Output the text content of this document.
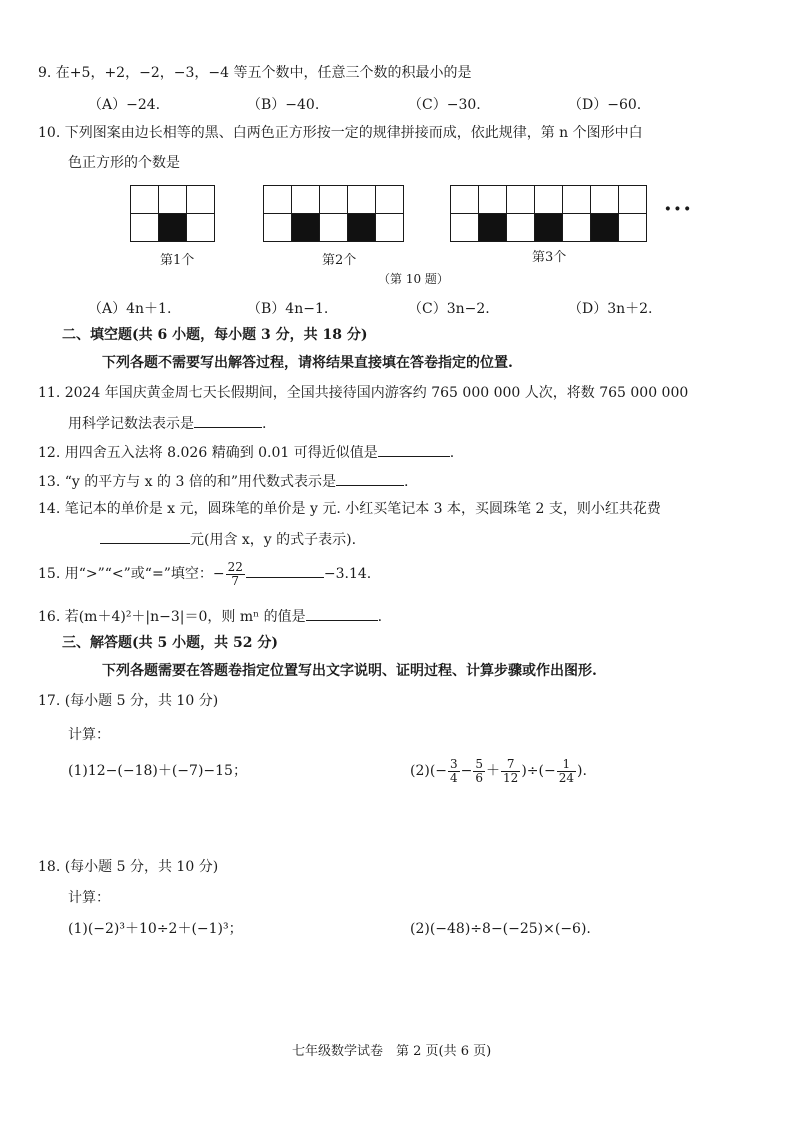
9. 在+5，+2，−2，−3，−4 等五个数中，任意三个数的积最小的是
（A）−24.	（B）−40.	（C）−30.	（D）−60.
10. 下列图案由边长相等的黑、白两色正方形按一定的规律拼接而成，依此规律，第 n 个图形中白
色正方形的个数是

···
第1个	第2个	第3个
（第 10 题）
（A）4n＋1.	（B）4n−1.	（C）3n−2.	（D）3n＋2.
二、填空题(共 6 小题，每小题 3 分，共 18 分)
下列各题不需要写出解答过程，请将结果直接填在答卷指定的位置.
11. 2024 年国庆黄金周七天长假期间，全国共接待国内游客约 765 000 000 人次，将数 765 000 000
用科学记数法表示是	.
12. 用四舍五入法将 8.026 精确到 0.01 可得近似值是	.
13. “y 的平方与 x 的 3 倍的和”用代数式表示是	.
14. 笔记本的单价是 x 元，圆珠笔的单价是 y 元. 小红买笔记本 3 本，买圆珠笔 2 支，则小红共花费
元(用含 x，y 的式子表示).
15. 用“>”“<”或“=”填空：− $\frac{22}{7}$	−3.14.
16. 若(m＋4)²＋|n−3|＝0，则 mⁿ 的值是	.
三、解答题(共 5 小题，共 52 分)
下列各题需要在答题卷指定位置写出文字说明、证明过程、计算步骤或作出图形.
17. (每小题 5 分，共 10 分)
计算：
(1)12−(−18)＋(−7)−15；	$(2)(- \frac{3}{4} - \frac{5}{6} + \frac{7}{12}$ )÷(− $\frac{1}{24}$ ).
18. (每小题 5 分，共 10 分)
计算：
(1)(−2)³＋10÷2＋(−1)³；	(2)(−48)÷8−(−25)×(−6).
七年级数学试卷　第 2 页(共 6 页)
